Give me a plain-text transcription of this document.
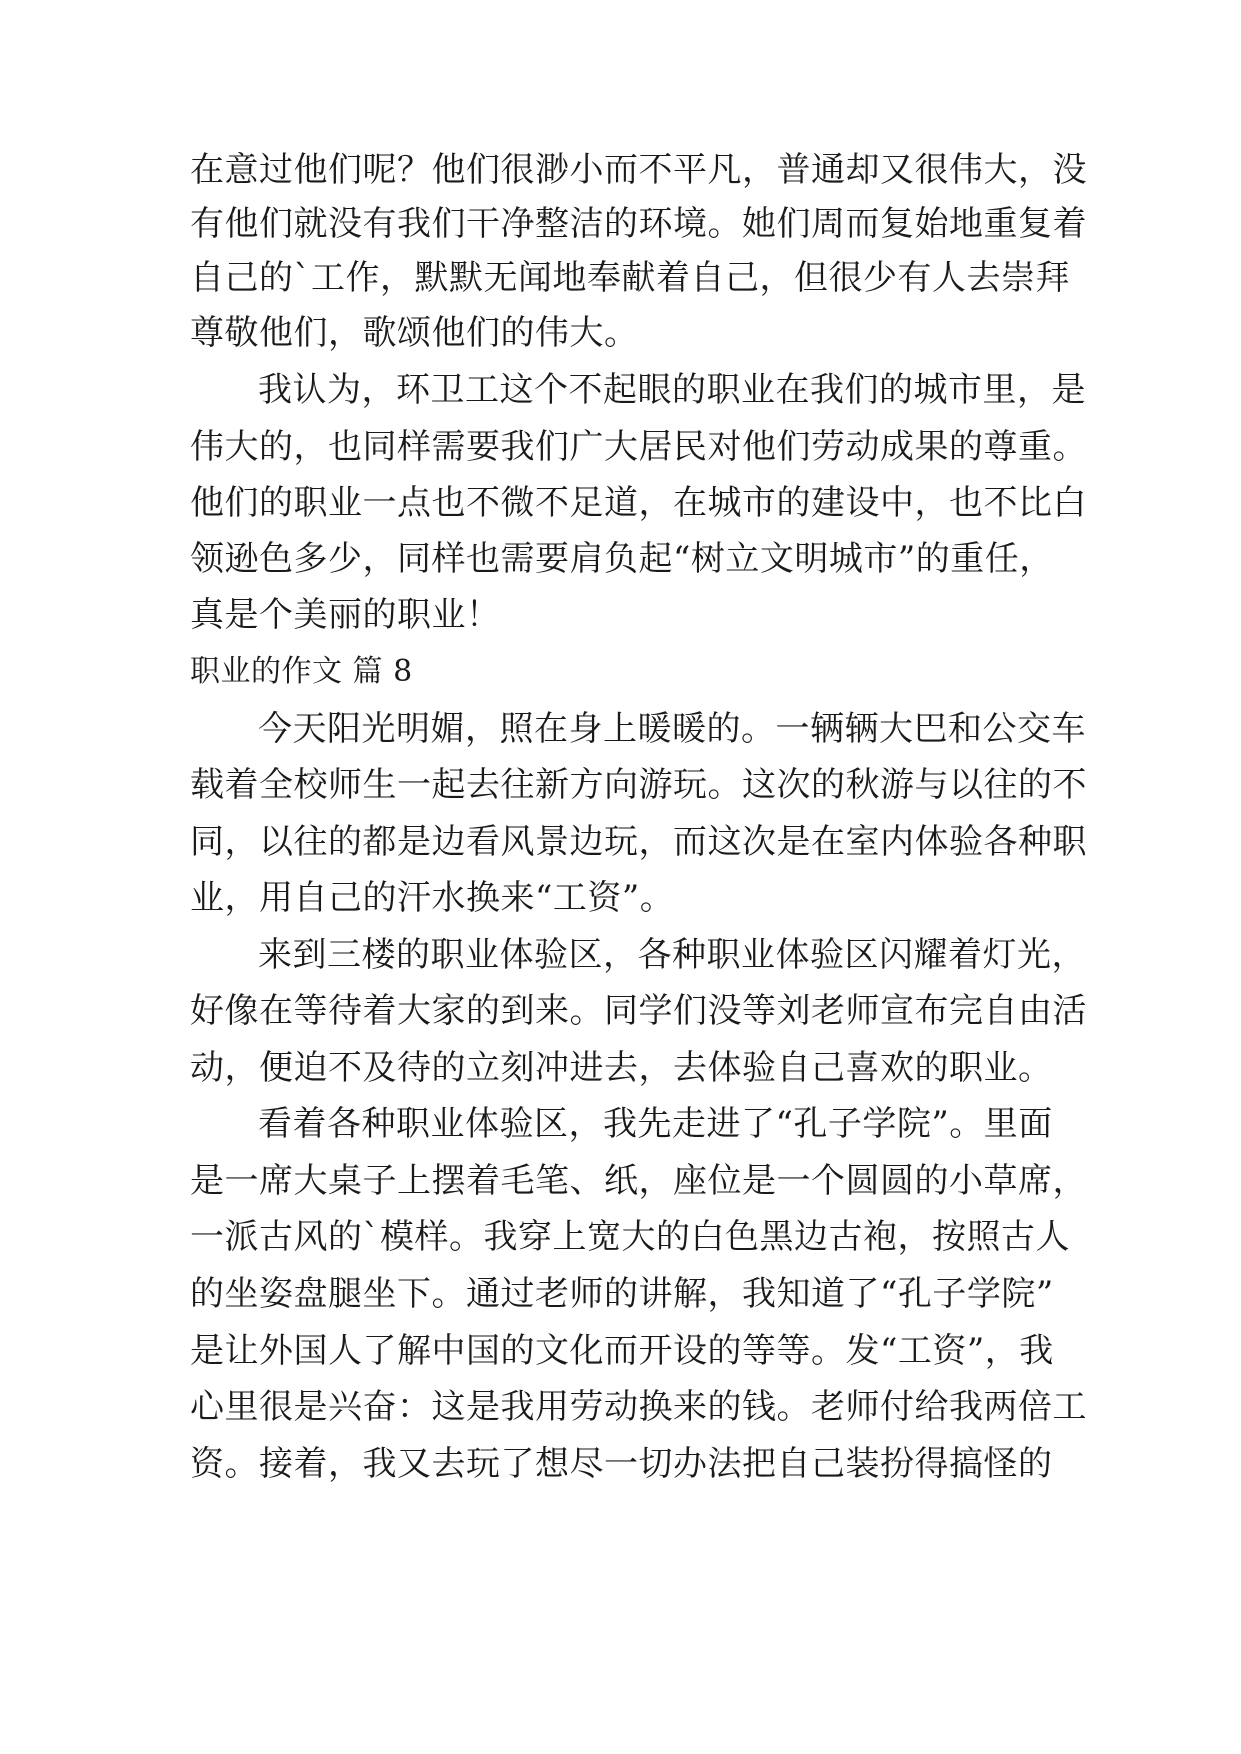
在意过他们呢？他们很渺小而不平凡，普通却又很伟大，没

有他们就没有我们干净整洁的环境。她们周而复始地重复着

自己的`工作，默默无闻地奉献着自己，但很少有人去崇拜

尊敬他们，歌颂他们的伟大。

我认为，环卫工这个不起眼的职业在我们的城市里，是

伟大的，也同样需要我们广大居民对他们劳动成果的尊重。

他们的职业一点也不微不足道，在城市的建设中，也不比白

领逊色多少，同样也需要肩负起“树立文明城市”的重任，

真是个美丽的职业！

职业的作文 篇 8

今天阳光明媚，照在身上暖暖的。一辆辆大巴和公交车

载着全校师生一起去往新方向游玩。这次的秋游与以往的不

同，以往的都是边看风景边玩，而这次是在室内体验各种职

业，用自己的汗水换来“工资”。

来到三楼的职业体验区，各种职业体验区闪耀着灯光，

好像在等待着大家的到来。同学们没等刘老师宣布完自由活

动，便迫不及待的立刻冲进去，去体验自己喜欢的职业。

看着各种职业体验区，我先走进了“孔子学院”。里面

是一席大桌子上摆着毛笔、纸，座位是一个圆圆的小草席，

一派古风的`模样。我穿上宽大的白色黑边古袍，按照古人

的坐姿盘腿坐下。通过老师的讲解，我知道了“孔子学院”

是让外国人了解中国的文化而开设的等等。发“工资”，我

心里很是兴奋：这是我用劳动换来的钱。老师付给我两倍工

资。接着，我又去玩了想尽一切办法把自己装扮得搞怪的
